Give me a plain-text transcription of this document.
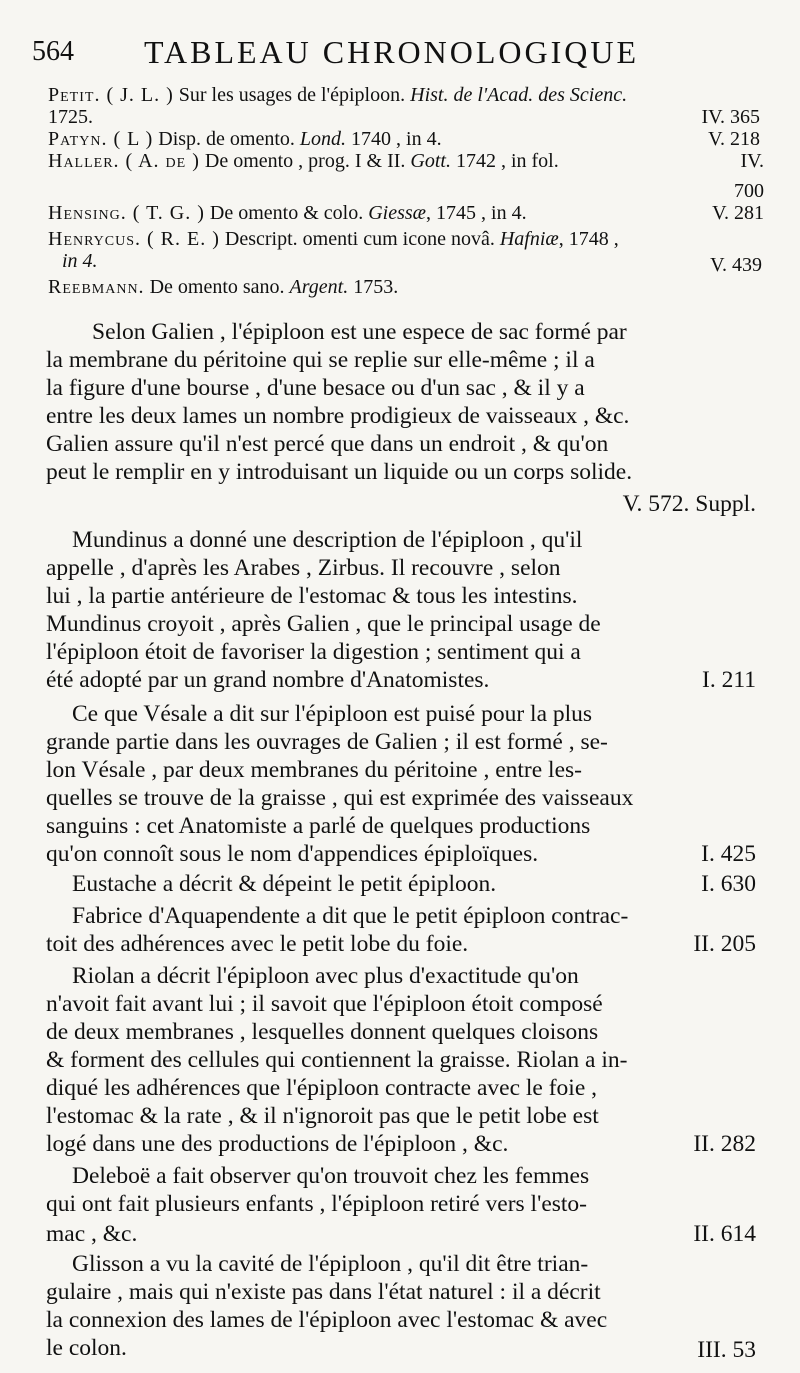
564 TABLEAU CHRONOLOGIQUE
Petit. ( J. L. ) Sur les usages de l'épiploon. Hist. de l'Acad. des Scienc.
1725.	IV. 365
Patyn. ( L ) Disp. de omento. Lond. 1740 , in 4.	V. 218
Haller. ( A. de ) De omento , prog. I & II. Gott. 1742 , in fol.	IV.
700
Hensing. ( T. G. ) De omento & colo. Giessæ, 1745 , in 4.	V. 281
Henrycus. ( R. E. ) Descript. omenti cum icone novâ. Hafniæ, 1748 ,
in 4.	V. 439
Reebmann. De omento sano. Argent. 1753.
Selon Galien , l'épiploon est une espece de sac formé par
la membrane du péritoine qui se replie sur elle-même ; il a
la figure d'une bourse , d'une besace ou d'un sac , & il y a
entre les deux lames un nombre prodigieux de vaisseaux , &c.
Galien assure qu'il n'est percé que dans un endroit , & qu'on
peut le remplir en y introduisant un liquide ou un corps solide.
V. 572. Suppl.
Mundinus a donné une description de l'épiploon , qu'il
appelle , d'après les Arabes , Zirbus. Il recouvre , selon
lui , la partie antérieure de l'estomac & tous les intestins.
Mundinus croyoit , après Galien , que le principal usage de
l'épiploon étoit de favoriser la digestion ; sentiment qui a
été adopté par un grand nombre d'Anatomistes.	I. 211
Ce que Vésale a dit sur l'épiploon est puisé pour la plus
grande partie dans les ouvrages de Galien ; il est formé , se-
lon Vésale , par deux membranes du péritoine , entre les-
quelles se trouve de la graisse , qui est exprimée des vaisseaux
sanguins : cet Anatomiste a parlé de quelques productions
qu'on connoît sous le nom d'appendices épiploïques.	I. 425
Eustache a décrit & dépeint le petit épiploon.	I. 630
Fabrice d'Aquapendente a dit que le petit épiploon contrac-
toit des adhérences avec le petit lobe du foie.	II. 205
Riolan a décrit l'épiploon avec plus d'exactitude qu'on
n'avoit fait avant lui ; il savoit que l'épiploon étoit composé
de deux membranes , lesquelles donnent quelques cloisons
& forment des cellules qui contiennent la graisse. Riolan a in-
diqué les adhérences que l'épiploon contracte avec le foie ,
l'estomac & la rate , & il n'ignoroit pas que le petit lobe est
logé dans une des productions de l'épiploon , &c.	II. 282
Deleboë a fait observer qu'on trouvoit chez les femmes
qui ont fait plusieurs enfants , l'épiploon retiré vers l'esto-
mac , &c.	II. 614
Glisson a vu la cavité de l'épiploon , qu'il dit être trian-
gulaire , mais qui n'existe pas dans l'état naturel : il a décrit
la connexion des lames de l'épiploon avec l'estomac & avec
le colon.	III. 53
